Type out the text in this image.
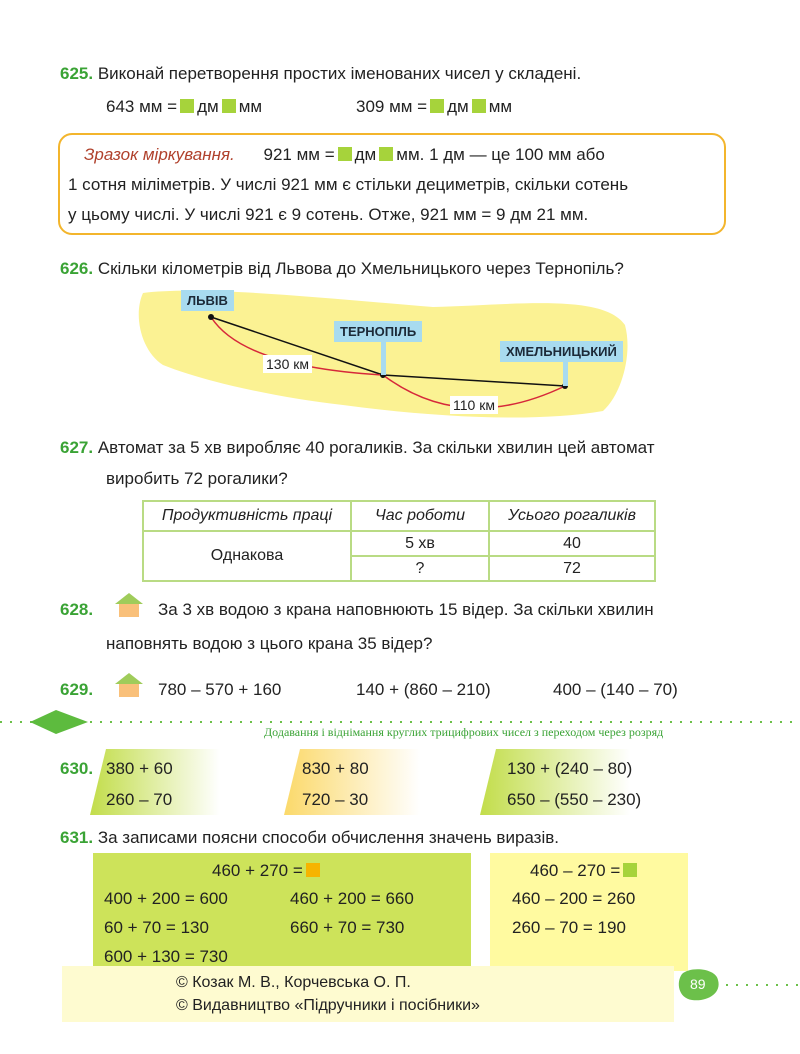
625. Виконай перетворення простих іменованих чисел у складені.
643 мм = дм мм	309 мм = дм мм
Зразок міркування. 921 мм = дм мм. 1 дм — це 100 мм або
1 сотня міліметрів. У числі 921 мм є стільки дециметрів, скільки сотень
у цьому числі. У числі 921 є 9 сотень. Отже, 921 мм = 9 дм 21 мм.
626. Скільки кілометрів від Львова до Хмельницького через Тернопіль?
ЛЬВІВ
ТЕРНОПІЛЬ
ХМЕЛЬНИЦЬКИЙ
130 км
110 км
627. Автомат за 5 хв виробляє 40 рогаликів. За скільки хвилин цей автомат
виробить 72 рогалики?
Продуктивність праці	Час роботи	Усього рогаликів
Однакова	5 хв	40
	?	72
628.	За 3 хв водою з крана наповнюють 15 відер. За скільки хвилин
наповнять водою з цього крана 35 відер?
629.	780 – 570 + 160	140 + (860 – 210)	400 – (140 – 70)
Додавання і віднімання круглих трицифрових чисел з переходом через розряд
630. 380 + 60
260 – 70
830 + 80
720 – 30
130 + (240 – 80)
650 – (550 – 230)
631. За записами поясни способи обчислення значень виразів.
460 + 270 =
400 + 200 = 600
60 + 70 = 130
600 + 130 = 730
460 + 200 = 660
660 + 70 = 730
460 – 270 =
460 – 200 = 260
260 – 70 = 190
© Козак М. В., Корчевська О. П.
© Видавництво «Підручники і посібники»
89
